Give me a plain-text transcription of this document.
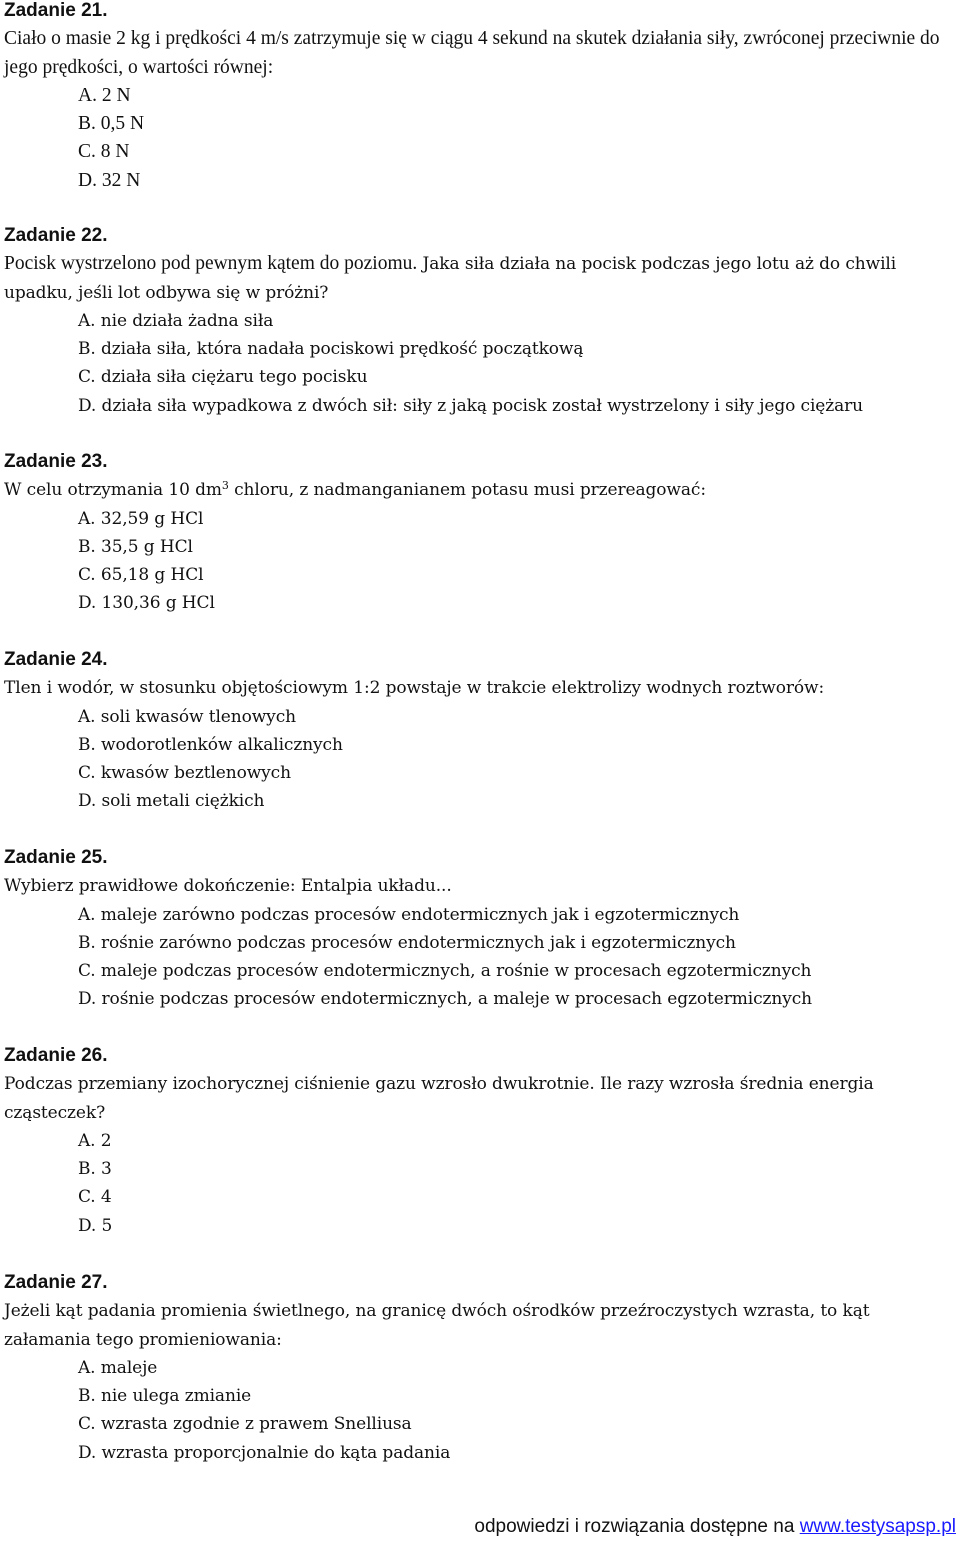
Zadanie 21.

Ciało o masie 2 kg i prędkości 4 m/s zatrzymuje się w ciągu 4 sekund na skutek działania siły, zwróconej przeciwnie do jego prędkości, o wartości równej:

A. 2 N
B. 0,5 N
C. 8 N
D. 32 N
Zadanie 22.

Pocisk wystrzelono pod pewnym kątem do poziomu. Jaka siła działa na pocisk podczas jego lotu aż do chwili upadku, jeśli lot odbywa się w próżni?

A. nie działa żadna siła
B. działa siła, która nadała pociskowi prędkość początkową
C. działa siła ciężaru tego pocisku
D. działa siła wypadkowa z dwóch sił: siły z jaką pocisk został wystrzelony i siły jego ciężaru
Zadanie 23.

W celu otrzymania 10 $dm^3$ chloru, z nadmanganianem potasu musi przereagować:

A. 32,59 g HCl
B. 35,5 g HCl
C. 65,18 g HCl
D. 130,36 g HCl
Zadanie 24.

Tlen i wodór, w stosunku objętościowym 1:2 powstaje w trakcie elektrolizy wodnych roztworów:

A. soli kwasów tlenowych
B. wodorotlenków alkalicznych
C. kwasów beztlenowych
D. soli metali ciężkich
Zadanie 25.

Wybierz prawidłowe dokończenie: Entalpia układu...

A. maleje zarówno podczas procesów endotermicznych jak i egzotermicznych
B. rośnie zarówno podczas procesów endotermicznych jak i egzotermicznych
C. maleje podczas procesów endotermicznych, a rośnie w procesach egzotermicznych
D. rośnie podczas procesów endotermicznych, a maleje w procesach egzotermicznych
Zadanie 26.

Podczas przemiany izochorycznej ciśnienie gazu wzrosło dwukrotnie. Ile razy wzrosła średnia energia cząsteczek?

A. 2
B. 3
C. 4
D. 5
Zadanie 27.

Jeżeli kąt padania promienia świetlnego, na granicę dwóch ośrodków przeźroczystych wzrasta, to kąt załamania tego promieniowania:

A. maleje
B. nie ulega zmianie
C. wzrasta zgodnie z prawem Snelliusa
D. wzrasta proporcjonalnie do kąta padania
odpowiedzi i rozwiązania dostępne na www.testysapsp.pl
